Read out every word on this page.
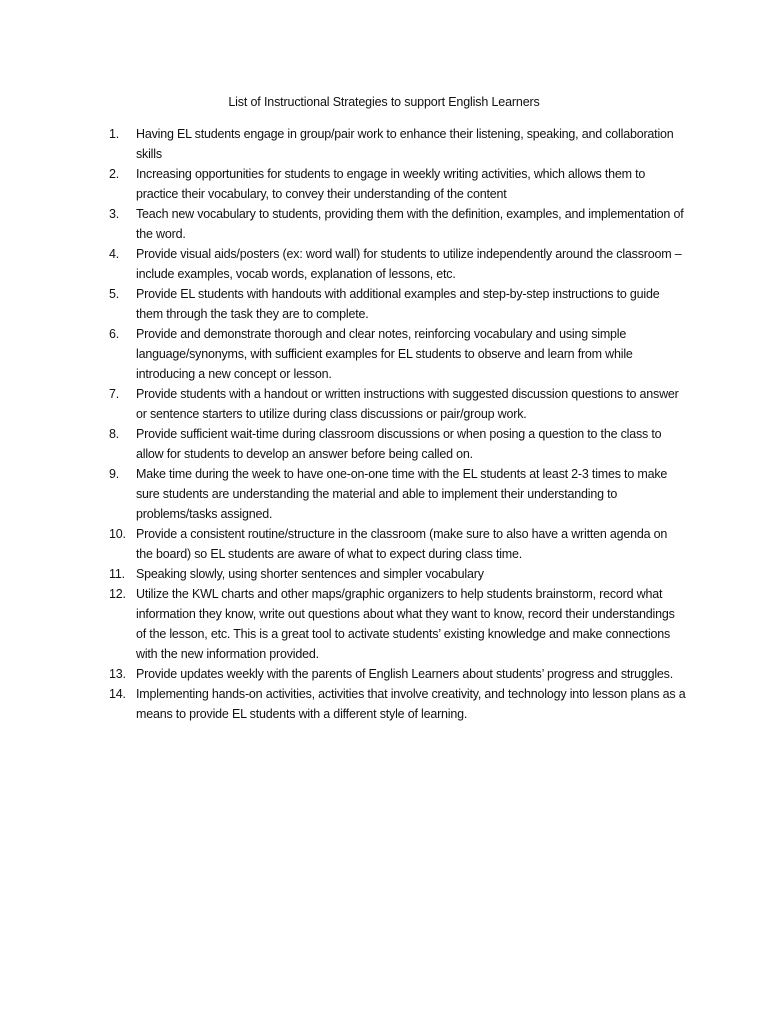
List of Instructional Strategies to support English Learners
1.	Having EL students engage in group/pair work to enhance their listening, speaking, and collaboration skills
2.	Increasing opportunities for students to engage in weekly writing activities, which allows them to practice their vocabulary, to convey their understanding of the content
3.	Teach new vocabulary to students, providing them with the definition, examples, and implementation of the word.
4.	Provide visual aids/posters (ex: word wall) for students to utilize independently around the classroom – include examples, vocab words, explanation of lessons, etc.
5.	Provide EL students with handouts with additional examples and step-by-step instructions to guide them through the task they are to complete.
6.	Provide and demonstrate thorough and clear notes, reinforcing vocabulary and using simple language/synonyms, with sufficient examples for EL students to observe and learn from while introducing a new concept or lesson.
7.	Provide students with a handout or written instructions with suggested discussion questions to answer or sentence starters to utilize during class discussions or pair/group work.
8.	Provide sufficient wait-time during classroom discussions or when posing a question to the class to allow for students to develop an answer before being called on.
9.	Make time during the week to have one-on-one time with the EL students at least 2-3 times to make sure students are understanding the material and able to implement their understanding to problems/tasks assigned.
10. Provide a consistent routine/structure in the classroom (make sure to also have a written agenda on the board) so EL students are aware of what to expect during class time.
11. Speaking slowly, using shorter sentences and simpler vocabulary
12. Utilize the KWL charts and other maps/graphic organizers to help students brainstorm, record what information they know, write out questions about what they want to know, record their understandings of the lesson, etc. This is a great tool to activate students’ existing knowledge and make connections with the new information provided.
13. Provide updates weekly with the parents of English Learners about students’ progress and struggles.
14. Implementing hands-on activities, activities that involve creativity, and technology into lesson plans as a means to provide EL students with a different style of learning.
